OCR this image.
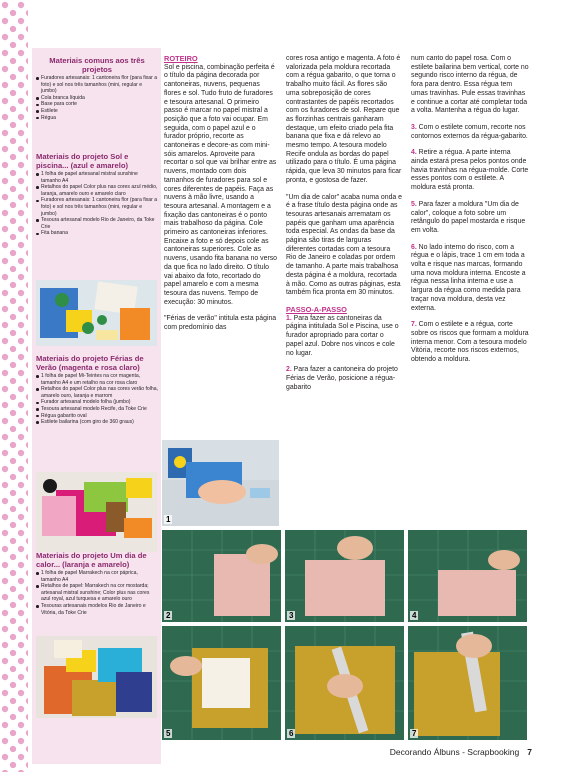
Materiais comuns aos três projetos
Furadores artesanais: 1 cantoneira flor (para fixar a foto) e sol nos três tamanhos (mini, regular e jumbo)
Cola branca líquida
Base para corte
Estilete
Régua
Materiais do projeto Sol e piscina... (azul e amarelo)
1 folha de papel artesanal mistral sunshine tamanho A4
Retalhos do papel Color plus nas cores azul médio, laranja, amarelo ouro e amarelo claro
Furadores artesanais: 1 cantoneira flor (para fixar a foto) e sol nos três tamanhos (mini, regular e jumbo)
Tesoura artesanal modelo Rio de Janeiro, da Toke Crie
Fita banana
Materiais do projeto Férias de Verão (magenta e rosa claro)
1 folha de papel Mi-Teintes na cor magenta, tamanho A4 e um retalho na cor rosa claro
Retalhos do papel Color plus nas cores verão folha, amarelo ouro, laranja e marrom
Furador artesanal modelo folha (jumbo)
Tesoura artesanal modelo Recife, da Toke Crie
Régua gabarito oval
Estilete bailarina (com giro de 360 graus)
Materiais do projeto Um dia de calor... (laranja e amarelo)
1 folha de papel Marrakech na cor páprica, tamanho A4
Retalhos de papel: Marrakech na cor mostarda; artesanal mistral sunshine; Color plus nas cores azul royal, azul turquesa e amarelo ouro
Tesouras artesanais modelos Rio de Janeiro e Vitória, da Toke Crie
ROTEIRO

Sol e piscina, combinação perfeita é o título da página decorada por cantoneiras, nuvens, pequenas flores e sol. Tudo fruto de furadores e tesoura artesanal. O primeiro passo é marcar no papel mistral a posição que a foto vai ocupar. Em seguida, com o papel azul e o furador próprio, recorte as cantoneiras e decore-as com mini-sóis amarelos. Aproveite para recortar o sol que vai brilhar entre as nuvens, montado com dois tamanhos de furadores para sol e cores diferentes de papéis. Faça as nuvens à mão livre, usando a tesoura artesanal. A montagem e a fixação das cantoneiras é o ponto mais trabalhoso da página. Cole primeiro as cantoneiras inferiores. Encaixe a foto e só depois cole as cantoneiras superiores. Cole as nuvens, usando fita banana no verso da que fica no lado direito. O título vai abaixo da foto, recortado do papel amarelo e com a mesma tesoura das nuvens. Tempo de execução: 30 minutos.

"Férias de verão" intitula esta página com predomínio das

cores rosa antigo e magenta. A foto é valorizada pela moldura recortada com a régua gabarito, o que torna o trabalho muito fácil. As flores são uma sobreposição de cores contrastantes de papéis recortados com os furadores de sol. Repare que as florzinhas centrais ganharam destaque, um efeito criado pela fita banana que fixa e dá relevo ao mesmo tempo. A tesoura modelo Recife ondula as bordas do papel utilizado para o título. É uma página rápida, que leva 30 minutos para ficar pronta, e gostosa de fazer.

"Um dia de calor" acaba numa onda e é a frase título desta página onde as tesouras artesanais arrematam os papéis que ganham uma aparência toda especial. As ondas da base da página são tiras de larguras diferentes cortadas com a tesoura Rio de Janeiro e coladas por ordem de tamanho. A parte mais trabalhosa desta página é a moldura, recortada à mão. Como as outras páginas, esta também fica pronta em 30 minutos.

PASSO-A-PASSO

1. Para fazer as cantoneiras da página intitulada Sol e Piscina, use o furador apropriado para cortar o papel azul. Dobre nos vincos e cole no lugar.

2. Para fazer a cantoneira do projeto Férias de Verão, posicione a régua-gabarito

num canto do papel rosa. Com o estilete bailarina bem vertical, corte no segundo risco interno da régua, de fora para dentro. Essa régua tem umas travinhas. Pule essas travinhas e continue a cortar até completar toda a volta. Mantenha a régua do lugar.

3. Com o estilete comum, recorte nos contornos externos da régua-gabarito.

4. Retire a régua. A parte interna ainda estará presa pelos pontos onde havia travinhas na régua-molde. Corte esses pontos com o estilete. A moldura está pronta.

5. Para fazer a moldura "Um dia de calor", coloque a foto sobre um retângulo do papel mostarda e risque em volta.

6. No lado interno do risco, com a régua e o lápis, trace 1 cm em toda a volta e risque nas marcas, formando uma nova moldura interna. Encoste a régua nessa linha interna e use a largura da régua como medida para traçar nova moldura, desta vez externa.

7. Com o estilete e a régua, corte sobre os riscos que formam a moldura interna menor. Com a tesoura modelo Vitória, recorte nos riscos externos, obtendo a moldura.

1
2	3	4
5	6	7
Decorando Álbuns - Scrapbooking 7
